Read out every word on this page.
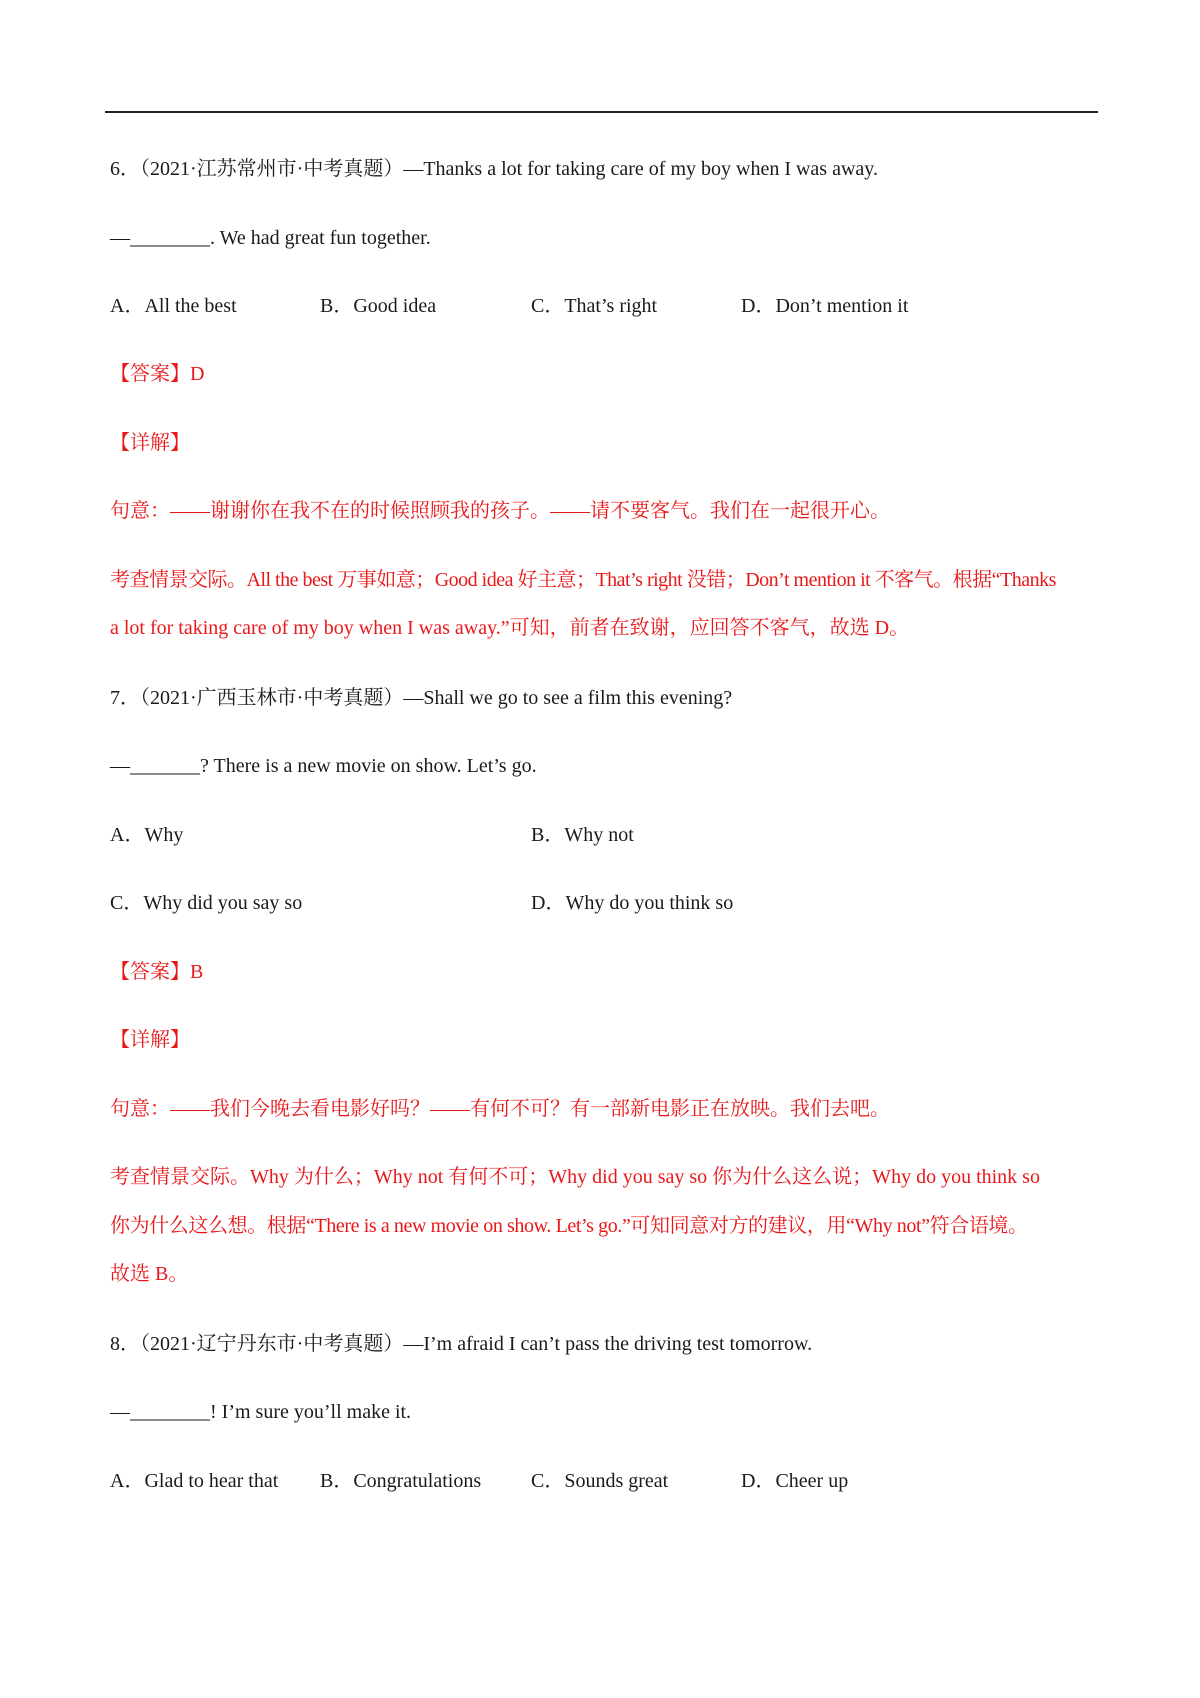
6．（2021·江苏常州市·中考真题）—Thanks a lot for taking care of my boy when I was away.
—________. We had great fun together.
A．All the best	B．Good idea	C．That’s right	D．Don’t mention it
【答案】D
【详解】
句意：——谢谢你在我不在的时候照顾我的孩子。——请不要客气。我们在一起很开心。
考查情景交际。All the best 万事如意；Good idea 好主意；That’s right 没错；Don’t mention it 不客气。根据“Thanks
a lot for taking care of my boy when I was away.”可知，前者在致谢，应回答不客气，故选 D。
7．（2021·广西玉林市·中考真题）—Shall we go to see a film this evening?
—_______? There is a new movie on show. Let’s go.
A．Why	B．Why not
C．Why did you say so	D．Why do you think so
【答案】B
【详解】
句意：——我们今晚去看电影好吗？——有何不可？有一部新电影正在放映。我们去吧。
考查情景交际。Why 为什么；Why not 有何不可；Why did you say so 你为什么这么说；Why do you think so
你为什么这么想。根据“There is a new movie on show. Let’s go.”可知同意对方的建议，用“Why not”符合语境。
故选 B。
8．（2021·辽宁丹东市·中考真题）—I’m afraid I can’t pass the driving test tomorrow.
—________! I’m sure you’ll make it.
A．Glad to hear that B．Congratulations C．Sounds great	D．Cheer up
